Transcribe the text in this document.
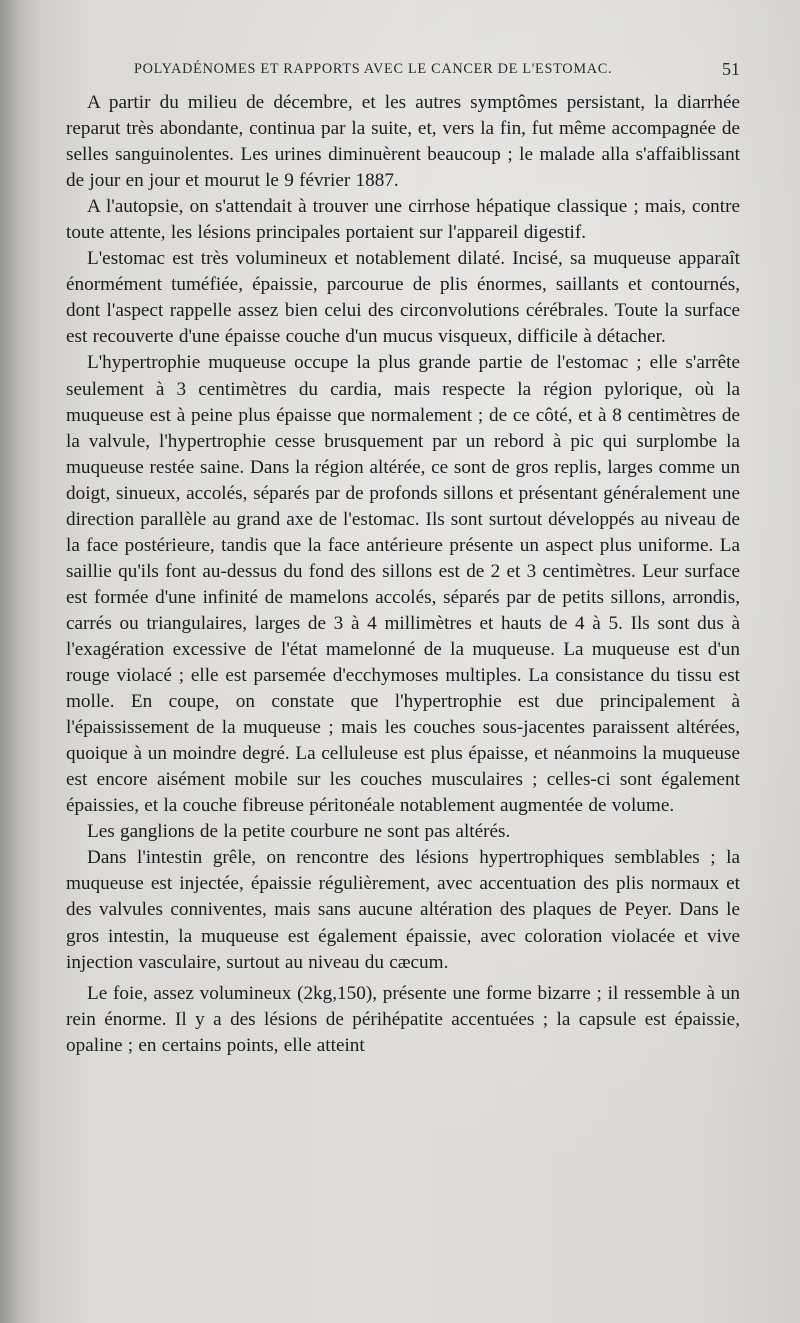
POLYADÉNOMES ET RAPPORTS AVEC LE CANCER DE L'ESTOMAC.	51

A partir du milieu de décembre, et les autres symptômes persistant, la diarrhée reparut très abondante, continua par la suite, et, vers la fin, fut même accompagnée de selles sanguinolentes. Les urines diminuèrent beaucoup ; le malade alla s'affaiblissant de jour en jour et mourut le 9 février 1887.

A l'autopsie, on s'attendait à trouver une cirrhose hépatique classique ; mais, contre toute attente, les lésions principales portaient sur l'appareil digestif.

L'estomac est très volumineux et notablement dilaté. Incisé, sa muqueuse apparaît énormément tuméfiée, épaissie, parcourue de plis énormes, saillants et contournés, dont l'aspect rappelle assez bien celui des circonvolutions cérébrales. Toute la surface est recouverte d'une épaisse couche d'un mucus visqueux, difficile à détacher.

L'hypertrophie muqueuse occupe la plus grande partie de l'estomac ; elle s'arrête seulement à 3 centimètres du cardia, mais respecte la région pylorique, où la muqueuse est à peine plus épaisse que normalement ; de ce côté, et à 8 centimètres de la valvule, l'hypertrophie cesse brusquement par un rebord à pic qui surplombe la muqueuse restée saine. Dans la région altérée, ce sont de gros replis, larges comme un doigt, sinueux, accolés, séparés par de profonds sillons et présentant généralement une direction parallèle au grand axe de l'estomac. Ils sont surtout développés au niveau de la face postérieure, tandis que la face antérieure présente un aspect plus uniforme. La saillie qu'ils font au-dessus du fond des sillons est de 2 et 3 centimètres. Leur surface est formée d'une infinité de mamelons accolés, séparés par de petits sillons, arrondis, carrés ou triangulaires, larges de 3 à 4 millimètres et hauts de 4 à 5. Ils sont dus à l'exagération excessive de l'état mamelonné de la muqueuse. La muqueuse est d'un rouge violacé ; elle est parsemée d'ecchymoses multiples. La consistance du tissu est molle. En coupe, on constate que l'hypertrophie est due principalement à l'épaississement de la muqueuse ; mais les couches sous-jacentes paraissent altérées, quoique à un moindre degré. La celluleuse est plus épaisse, et néanmoins la muqueuse est encore aisément mobile sur les couches musculaires ; celles-ci sont également épaissies, et la couche fibreuse péritonéale notablement augmentée de volume.

Les ganglions de la petite courbure ne sont pas altérés.

Dans l'intestin grêle, on rencontre des lésions hypertrophiques semblables ; la muqueuse est injectée, épaissie régulièrement, avec accentuation des plis normaux et des valvules conniventes, mais sans aucune altération des plaques de Peyer. Dans le gros intestin, la muqueuse est également épaissie, avec coloration violacée et vive injection vasculaire, surtout au niveau du cæcum.

Le foie, assez volumineux (2kg,150), présente une forme bizarre ; il ressemble à un rein énorme. Il y a des lésions de périhépatite accentuées ; la capsule est épaissie, opaline ; en certains points, elle atteint
